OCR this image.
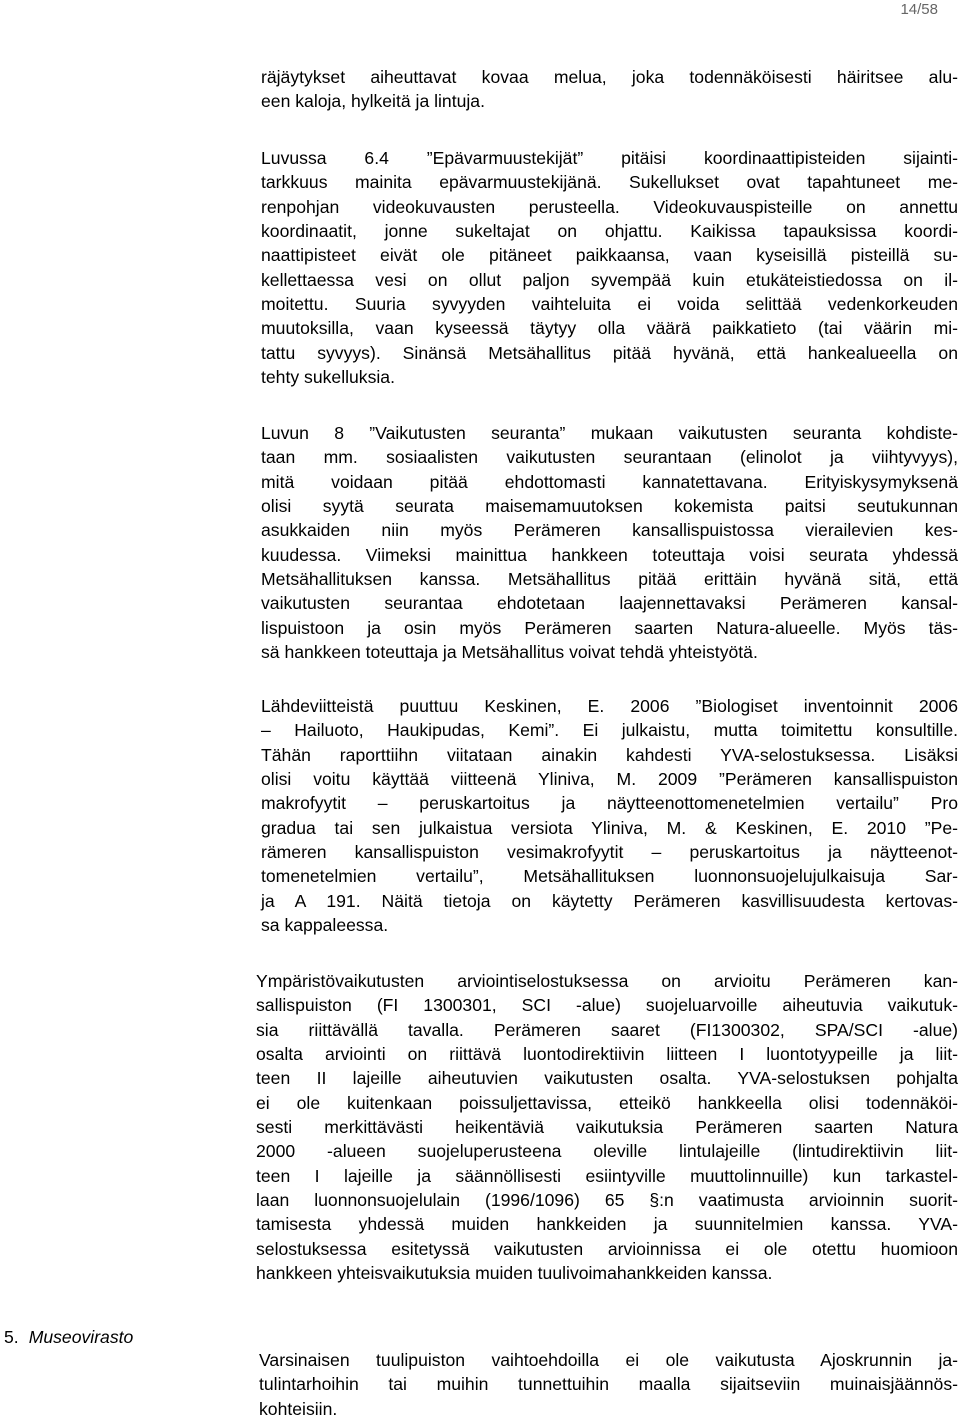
14/58

räjäytykset aiheuttavat kovaa melua, joka todennäköisesti häiritsee alu-
een kaloja, hylkeitä ja lintuja.

Luvussa 6.4 ”Epävarmuustekijät” pitäisi koordinaattipisteiden sijainti-
tarkkuus mainita epävarmuustekijänä. Sukellukset ovat tapahtuneet me-
renpohjan videokuvausten perusteella. Videokuvauspisteille on annettu
koordinaatit, jonne sukeltajat on ohjattu. Kaikissa tapauksissa koordi-
naattipisteet eivät ole pitäneet paikkaansa, vaan kyseisillä pisteillä su-
kellettaessa vesi on ollut paljon syvempää kuin etukäteistiedossa on il-
moitettu. Suuria syvyyden vaihteluita ei voida selittää vedenkorkeuden
muutoksilla, vaan kyseessä täytyy olla väärä paikkatieto (tai väärin mi-
tattu syvyys). Sinänsä Metsähallitus pitää hyvänä, että hankealueella on
tehty sukelluksia.

Luvun 8 ”Vaikutusten seuranta” mukaan vaikutusten seuranta kohdiste-
taan mm. sosiaalisten vaikutusten seurantaan (elinolot ja viihtyvyys),
mitä voidaan pitää ehdottomasti kannatettavana. Erityiskysymyksenä
olisi syytä seurata maisemamuutoksen kokemista paitsi seutukunnan
asukkaiden niin myös Perämeren kansallispuistossa vierailevien kes-
kuudessa. Viimeksi mainittua hankkeen toteuttaja voisi seurata yhdessä
Metsähallituksen kanssa. Metsähallitus pitää erittäin hyvänä sitä, että
vaikutusten seurantaa ehdotetaan laajennettavaksi Perämeren kansal-
lispuistoon ja osin myös Perämeren saarten Natura-alueelle. Myös täs-
sä hankkeen toteuttaja ja Metsähallitus voivat tehdä yhteistyötä.

Lähdeviitteistä puuttuu Keskinen, E. 2006 ”Biologiset inventoinnit 2006
– Hailuoto, Haukipudas, Kemi”. Ei julkaistu, mutta toimitettu konsultille.
Tähän raporttiihn viitataan ainakin kahdesti YVA-selostuksessa. Lisäksi
olisi voitu käyttää viitteenä Yliniva, M. 2009 ”Perämeren kansallispuiston
makrofyytit – peruskartoitus ja näytteenottomenetelmien vertailu” Pro
gradua tai sen julkaistua versiota Yliniva, M. & Keskinen, E. 2010 ”Pe-
rämeren kansallispuiston vesimakrofyytit – peruskartoitus ja näytteenot-
tomenetelmien vertailu”, Metsähallituksen luonnonsuojelujulkaisuja Sar-
ja A 191. Näitä tietoja on käytetty Perämeren kasvillisuudesta kertovas-
sa kappaleessa.

Ympäristövaikutusten arviointiselostuksessa on arvioitu Perämeren kan-
sallispuiston (FI 1300301, SCI -alue) suojeluarvoille aiheutuvia vaikutuk-
sia riittävällä tavalla. Perämeren saaret (FI1300302, SPA/SCI -alue)
osalta arviointi on riittävä luontodirektiivin liitteen I luontotyypeille ja liit-
teen II lajeille aiheutuvien vaikutusten osalta. YVA-selostuksen pohjalta
ei ole kuitenkaan poissuljettavissa, etteikö hankkeella olisi todennäköi-
sesti merkittävästi heikentäviä vaikutuksia Perämeren saarten Natura
2000 -alueen suojeluperusteena oleville lintulajeille (lintudirektiivin liit-
teen I lajeille ja säännöllisesti esiintyville muuttolinnuille) kun tarkastel-
laan luonnonsuojelulain (1996/1096) 65 §:n vaatimusta arvioinnin suorit-
tamisesta yhdessä muiden hankkeiden ja suunnitelmien kanssa. YVA-
selostuksessa esitetyssä vaikutusten arvioinnissa ei ole otettu huomioon
hankkeen yhteisvaikutuksia muiden tuulivoimahankkeiden kanssa.

5. Museovirasto

Varsinaisen tuulipuiston vaihtoehdoilla ei ole vaikutusta Ajoskrunnin ja-
tulintarhoihin tai muihin tunnettuihin maalla sijaitseviin muinaisjäännös-
kohteisiin.
